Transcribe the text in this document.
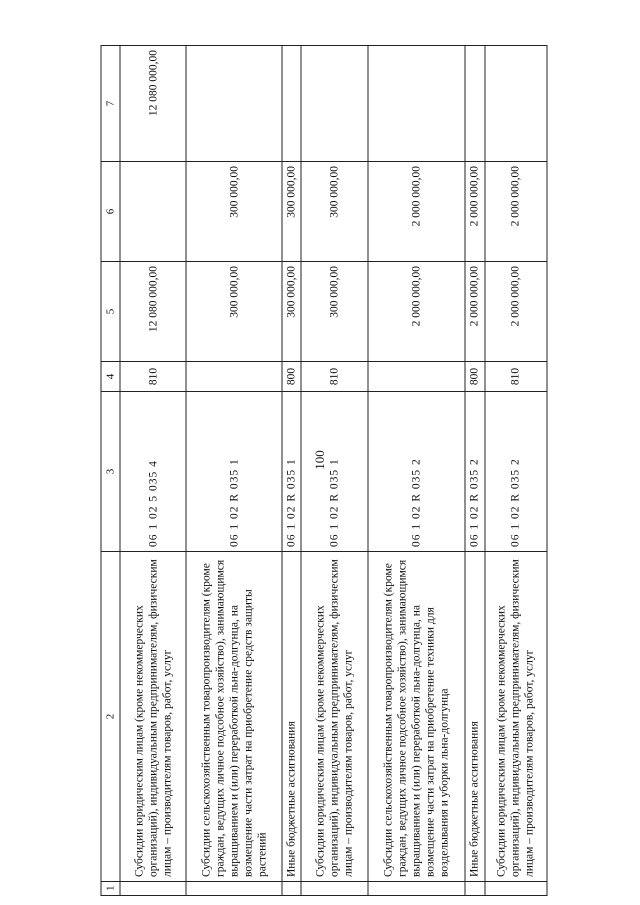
100
1	2	3	4	5	6	7
	Субсидии юридическим лицам (кроме некоммерческих организаций), индивидуальным предпринимателям, физическим лицам – производителям товаров, работ, услуг	06 1 02 5 035 4	810	12 080 000,00		12 080 000,00
	Субсидии сельскохозяйственным товаропроизводителям (кроме граждан, ведущих личное подсобное хозяйство), занимающимся выращиванием и (или) переработкой льна-долгунца, на возмещение части затрат на приобретение средств защиты растений	06 1 02 R 035 1		300 000,00	300 000,00	
	Иные бюджетные ассигнования	06 1 02 R 035 1	800	300 000,00	300 000,00	
	Субсидии юридическим лицам (кроме некоммерческих организаций), индивидуальным предпринимателям, физическим лицам – производителям товаров, работ, услуг	06 1 02 R 035 1	810	300 000,00	300 000,00	
	Субсидии сельскохозяйственным товаропроизводителям (кроме граждан, ведущих личное подсобное хозяйство), занимающимся выращиванием и (или) переработкой льна-долгунца, на возмещение части затрат на приобретение техники для возделывания и уборки льна-долгунца	06 1 02 R 035 2		2 000 000,00	2 000 000,00	
	Иные бюджетные ассигнования	06 1 02 R 035 2	800	2 000 000,00	2 000 000,00	
	Субсидии юридическим лицам (кроме некоммерческих организаций), индивидуальным предпринимателям, физическим лицам – производителям товаров, работ, услуг	06 1 02 R 035 2	810	2 000 000,00	2 000 000,00	
